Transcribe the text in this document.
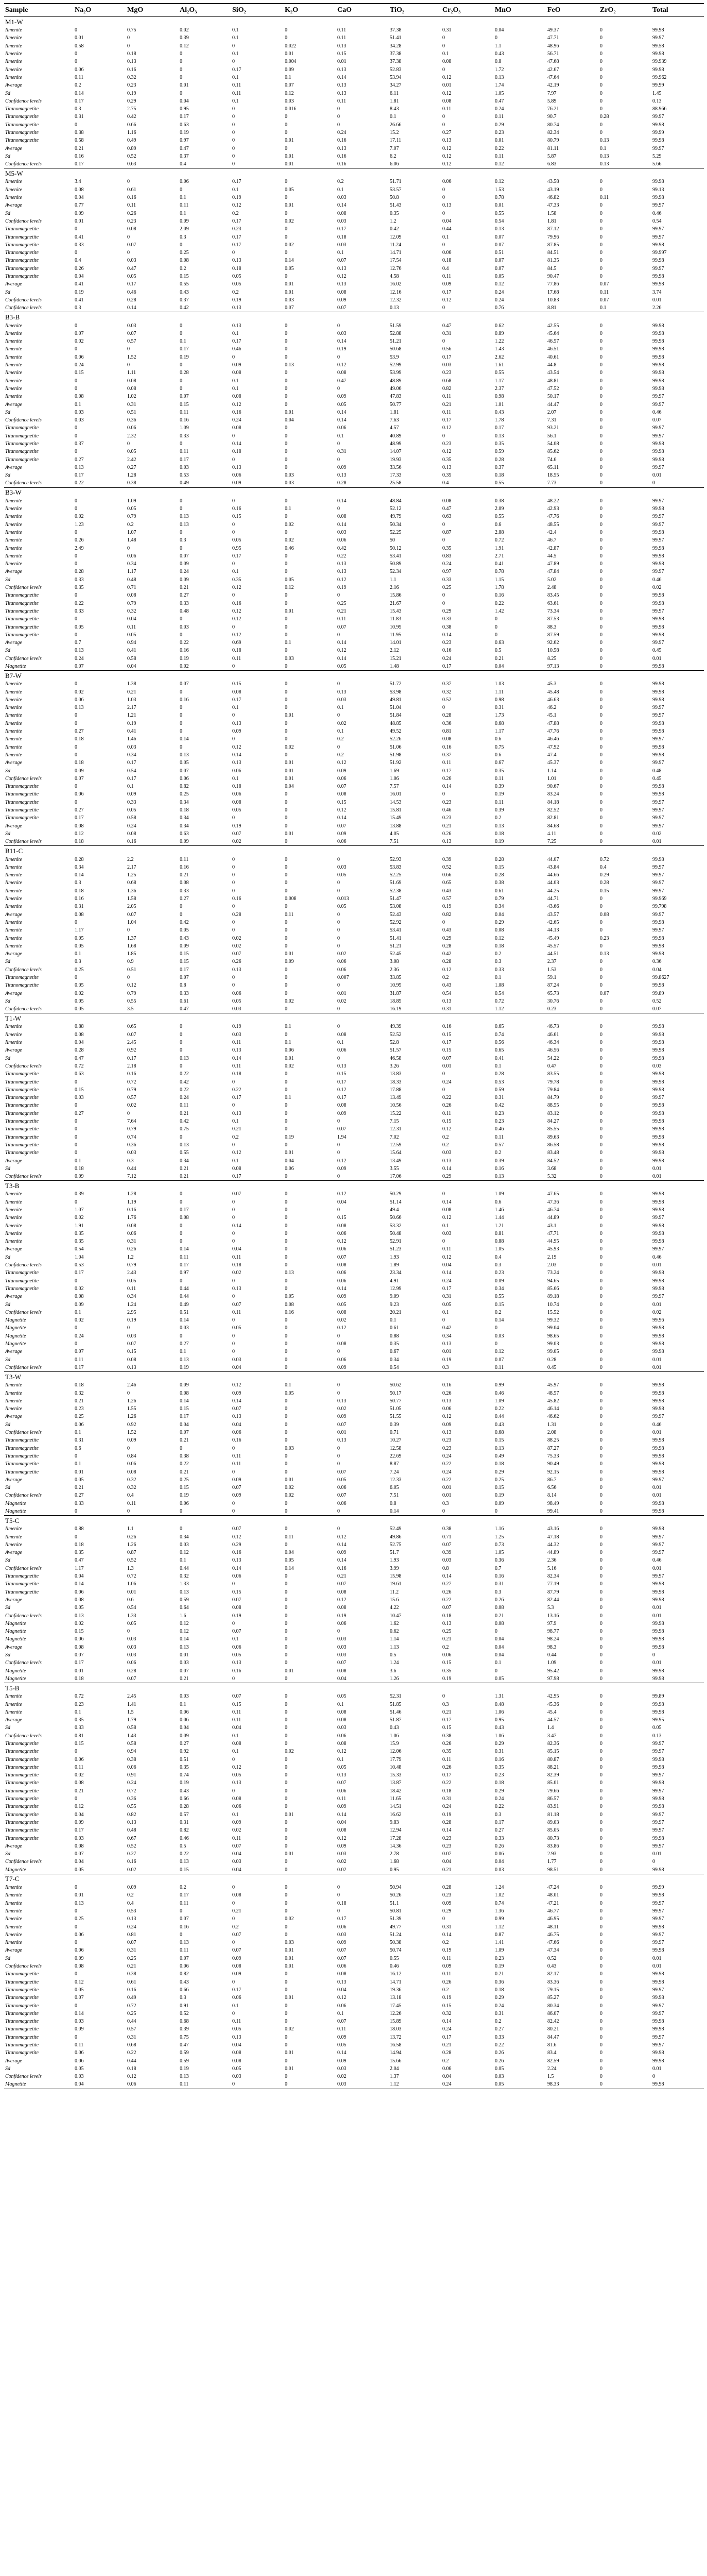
Sample	Na₂O	MgO	Al₂O₃	SiO₂	K₂O	CaO	TiO₂	Cr₂O₃	MnO	FeO	ZrO₂	Total
M1-W												
Ilmenite	0	0.75	0.02	0.1	0	0.11	37.38	0.31	0.04	49.37	0	99.98
Ilmenite	0.01	0	0.39	0.1	0	0.11	51.41	0	0	47.71	0	99.97
Ilmenite	0.58	0	0.12	0	0.022	0.13	34.28	0	1.1	48.96	0	99.58
Ilmenite	0	0.18	0	0.1	0.01	0.15	37.38	0.1	0.43	56.71	0	99.98
Ilmenite	0	0.13	0	0	0.004	0.01	37.38	0.08	0.8	47.68	0	99.939
Ilmenite	0.06	0.16	0	0.17	0.09	0.13	52.83	0	1.72	42.67	0	99.98
Ilmenite	0.11	0.32	0	0.1	0.1	0.14	53.94	0.12	0.13	47.64	0	99.962
Average	0.2	0.23	0.01	0.11	0.07	0.13	34.27	0.01	1.74	42.19	0	99.99
Sd	0.14	0.19	0	0.11	0.12	0.13	6.11	0.12	1.05	7.97	0	1.45
Confidence levels	0.17	0.29	0.04	0.1	0.03	0.11	1.81	0.08	0.47	5.89	0	0.13
Titanomagnetite	0.3	2.75	0.95	0	0.016	0	8.43	0.11	0.24	76.21	0	88.966
Titanomagnetite	0.31	0.42	0.17	0	0	0	0.1	0	0.11	90.7	0.28	99.97
Titanomagnetite	0	0.66	0.63	0	0	0	26.66	0	0.29	80.74	0	99.98
Titanomagnetite	0.38	1.16	0.19	0	0	0.24	15.2	0.27	0.23	82.34	0	99.99
Titanomagnetite	0.58	0.49	0.97	0	0.01	0.16	17.11	0.13	0.01	80.79	0.13	99.98
Average	0.21	0.89	0.47	0	0	0.13	7.07	0.12	0.22	81.11	0.1	99.97
Sd	0.16	0.52	0.37	0	0.01	0.16	6.2	0.12	0.11	5.87	0.13	5.29
Confidence levels	0.17	0.63	0.4	0	0.01	0.16	6.06	0.12	0.12	6.83	0.13	5.66
M5-W												
Ilmenite	3.4	0	0.06	0.17	0	0.2	51.71	0.06	0.12	43.58	0	99.98
Ilmenite	0.08	0.61	0	0.1	0.05	0.1	53.57	0	1.53	43.19	0	99.13
Ilmenite	0.04	0.16	0.1	0.19	0	0.03	50.8	0	0.78	46.82	0.11	99.98
Average	0.77	0.11	0.11	0.12	0.01	0.14	51.43	0.13	0.01	47.33	0	99.97
Sd	0.09	0.26	0.1	0.2	0	0.08	0.35	0	0.55	1.58	0	0.46
Confidence levels	0.01	0.23	0.09	0.17	0.02	0.03	1.2	0.04	0.54	1.81	0	0.54
Titanomagnetite	0	0.08	2.09	0.23	0	0.17	0.42	0.44	0.13	87.12	0	99.97
Titanomagnetite	0.41	0	0.3	0.17	0	0.18	12.09	0.1	0.07	79.96	0	99.97
Titanomagnetite	0.33	0.07	0	0.17	0.02	0.03	11.24	0	0.07	87.85	0	99.98
Titanomagnetite	0	0	0.25	0	0	0.1	14.71	0.06	0.51	84.51	0	99.997
Titanomagnetite	0.4	0.03	0.08	0.13	0.14	0.07	17.54	0.18	0.07	81.35	0	99.98
Titanomagnetite	0.26	0.47	0.2	0.18	0.05	0.13	12.76	0.4	0.07	84.5	0	99.97
Titanomagnetite	0.04	0.05	0.15	0.05	0	0.12	4.58	0.11	0.05	90.47	0	99.98
Average	0.41	0.17	0.55	0.05	0.01	0.13	16.02	0.09	0.12	77.86	0.07	99.98
Sd	0.19	0.46	0.43	0.2	0.01	0.08	12.16	0.17	0.24	17.68	0.11	3.74
Confidence levels	0.41	0.28	0.37	0.19	0.03	0.09	12.32	0.12	0.24	10.83	0.07	0.01
Confidence levels	0.3	0.14	0.42	0.13	0.07	0.07	0.13	0	0.76	8.81	0.1	2.26
B3-B												
Ilmenite	0	0.03	0	0.13	0	0	51.59	0.47	0.62	42.55	0	99.98
Ilmenite	0.07	0.07	0	0.1	0	0.03	52.88	0.31	0.89	45.64	0	99.98
Ilmenite	0.02	0.57	0.1	0.17	0	0.14	51.21	0	1.22	46.57	0	99.98
Ilmenite	0	0	0.17	0.46	0	0.19	50.68	0.56	1.43	46.51	0	99.98
Ilmenite	0.06	1.52	0.19	0	0	0	53.9	0.17	2.62	40.61	0	99.98
Ilmenite	0.24	0	0	0.09	0.13	0.12	52.99	0.03	1.61	44.8	0	99.98
Ilmenite	0.15	1.11	0.28	0.08	0	0.08	53.99	0.23	0.55	43.54	0	99.98
Ilmenite	0	0.08	0	0.1	0	0.47	48.89	0.68	1.17	48.81	0	99.98
Ilmenite	0	0.08	0	0.1	0	0	49.06	0.82	2.37	47.52	0	99.98
Ilmenite	0.08	1.02	0.07	0.08	0	0.09	47.83	0.11	0.98	50.17	0	99.97
Average	0.1	0.31	0.15	0.12	0	0.05	50.77	0.21	1.01	44.47	0	99.97
Sd	0.03	0.51	0.11	0.16	0.01	0.14	1.81	0.11	0.43	2.07	0	0.46
Confidence levels	0.03	0.36	0.16	0.24	0.04	0.14	7.63	0.17	1.78	7.31	0	0.07
Titanomagnetite	0	0.06	1.09	0.08	0	0.06	4.57	0.12	0.17	93.21	0	99.97
Titanomagnetite	0	2.32	0.33	0	0	0.1	40.89	0	0.13	56.1	0	99.97
Titanomagnetite	0.37	0	0	0.14	0	0	48.99	0.23	0.35	54.08	0	99.98
Titanomagnetite	0	0.05	0.11	0.18	0	0.31	14.07	0.12	0.59	85.62	0	99.98
Titanomagnetite	0.27	2.42	0.17	0	0	0	19.93	0.35	0.28	74.6	0	99.98
Average	0.13	0.27	0.03	0.13	0	0.09	33.56	0.13	0.37	65.11	0	99.97
Sd	0.17	1.28	0.53	0.06	0.03	0.13	17.33	0.35	0.18	18.55	0	0.01
Confidence levels	0.22	0.38	0.49	0.09	0.03	0.28	25.58	0.4	0.55	7.73	0	0
B3-W												
Ilmenite	0	1.09	0	0	0	0.14	48.84	0.08	0.38	48.22	0	99.97
Ilmenite	0	0.05	0	0.16	0.1	0	52.12	0.47	2.09	42.93	0	99.98
Ilmenite	0.02	0.79	0.13	0.15	0	0.08	49.79	0.63	0.55	47.76	0	99.97
Ilmenite	1.23	0.2	0.13	0	0.02	0.14	50.34	0	0.6	48.55	0	99.97
Ilmenite	0	1.07	0	0	0	0.03	52.25	0.87	2.88	42.4	0	99.98
Ilmenite	0.26	1.48	0.3	0.05	0.02	0.06	50	0	0.72	46.7	0	99.97
Ilmenite	2.49	0	0	0.95	0.46	0.42	50.12	0.35	1.91	42.87	0	99.98
Ilmenite	0	0.06	0.07	0.17	0	0.22	53.41	0.83	2.71	44.5	0	99.98
Ilmenite	0	0.34	0.09	0	0	0.13	50.89	0.24	0.41	47.89	0	99.98
Average	0.28	1.17	0.24	0.1	0	0.13	52.34	0.97	0.78	47.84	0	99.97
Sd	0.33	0.48	0.09	0.35	0.05	0.12	1.1	0.33	1.15	5.02	0	0.46
Confidence levels	0.35	0.71	0.21	0.12	0.12	0.19	2.16	0.25	1.78	2.48	0	0.02
Titanomagnetite	0	0.08	0.27	0	0	0	15.86	0	0.16	83.45	0	99.98
Titanomagnetite	0.22	0.79	0.33	0.16	0	0.25	21.67	0	0.22	63.61	0	99.98
Titanomagnetite	0.33	0.32	0.48	0.12	0.01	0.21	15.43	0.29	1.42	73.34	0	99.97
Titanomagnetite	0	0.04	0	0.12	0	0.11	11.83	0.33	0	87.53	0	99.98
Titanomagnetite	0.05	0.11	0.03	0	0	0.07	10.95	0.38	0	88.3	0	99.98
Titanomagnetite	0	0.05	0	0.12	0	0	11.95	0.14	0	87.59	0	99.98
Average	0.7	0.94	0.22	0.69	0.1	0.14	14.01	0.23	0.63	92.62	0	99.97
Sd	0.13	0.41	0.16	0.18	0	0.12	2.12	0.16	0.5	10.58	0	0.45
Confidence levels	0.24	0.58	0.19	0.11	0.03	0.14	15.21	0.24	0.21	8.25	0	0.01
Magnetite	0.07	0.04	0.02	0	0	0.05	1.48	0.17	0.04	97.13	0	99.98
B7-W												
Ilmenite	0	1.38	0.07	0.15	0	0	51.72	0.37	1.03	45.3	0	99.98
Ilmenite	0.02	0.21	0	0.08	0	0.13	53.98	0.32	1.11	45.48	0	99.98
Ilmenite	0.06	1.03	0.16	0.17	0	0.03	49.81	0.52	0.98	46.63	0	99.98
Ilmenite	0.13	2.17	0	0.1	0	0.1	51.04	0	0.31	46.2	0	99.97
Ilmenite	0	1.21	0	0	0.01	0	51.84	0.28	1.73	45.1	0	99.97
Ilmenite	0	0.19	0	0.13	0	0.02	48.85	0.36	0.68	47.88	0	99.98
Ilmenite	0.27	0.41	0	0.09	0	0.1	49.52	0.81	1.17	47.76	0	99.98
Ilmenite	0.18	1.46	0.14	0	0	0.2	52.26	0.08	0.6	46.46	0	99.97
Ilmenite	0	0.03	0	0.12	0.02	0	51.06	0.16	0.75	47.92	0	99.98
Ilmenite	0	0.34	0.13	0.14	0	0.2	51.98	0.37	0.6	47.4	0	99.98
Average	0.18	0.17	0.05	0.13	0.01	0.12	51.92	0.11	0.67	45.37	0	99.97
Sd	0.09	0.54	0.07	0.06	0.01	0.09	1.69	0.17	0.35	1.14	0	0.48
Confidence levels	0.07	0.17	0.06	0.1	0.01	0.06	1.06	0.26	0.11	1.01	0	0.45
Titanomagnetite	0	0.1	0.82	0.18	0.04	0.07	7.57	0.14	0.39	90.67	0	99.98
Titanomagnetite	0.06	0.09	0.25	0.06	0	0.08	16.01	0	0.19	83.24	0	99.98
Titanomagnetite	0	0.33	0.34	0.08	0	0.15	14.53	0.23	0.11	84.18	0	99.97
Titanomagnetite	0.27	0.05	0.18	0.05	0	0.12	15.81	0.46	0.39	82.52	0	99.97
Titanomagnetite	0.17	0.58	0.34	0	0	0.14	15.49	0.23	0.2	82.81	0	99.97
Average	0.08	0.24	0.34	0.19	0	0.07	13.88	0.21	0.13	84.68	0	99.97
Sd	0.12	0.08	0.63	0.07	0.01	0.09	4.05	0.26	0.18	4.11	0	0.02
Confidence levels	0.18	0.16	0.09	0.02	0	0.06	7.51	0.13	0.19	7.25	0	0.01
B11-C												
Ilmenite	0.28	2.2	0.11	0	0	0	52.93	0.39	0.28	44.07	0.72	99.98
Ilmenite	0.34	2.17	0.16	0	0	0.03	53.83	0.52	0.15	43.84	0.4	99.97
Ilmenite	0.14	1.25	0.21	0	0	0.05	52.25	0.66	0.28	44.66	0.29	99.97
Ilmenite	0.3	0.68	0.08	0	0	0	51.69	0.65	0.38	44.03	0.28	99.97
Ilmenite	0.18	1.36	0.33	0	0	0	52.38	0.43	0.61	44.25	0.15	99.97
Ilmenite	0.16	1.58	0.27	0.16	0.008	0.013	51.47	0.57	0.79	44.71	0	99.969
Ilmenite	0.31	2.05	0	0	0	0.05	53.08	0.19	0.34	43.66	0	99.798
Average	0.08	0.07	0	0.28	0.11	0	52.43	0.82	0.04	43.57	0.08	99.97
Ilmenite	0	1.04	0.42	0	0	0	52.92	0	0.29	42.65	0	99.98
Ilmenite	1.17	0	0.05	0	0	0	53.41	0.43	0.08	44.13	0	99.97
Ilmenite	0.05	1.37	0.43	0.02	0	0	51.41	0.29	0.12	45.49	0.23	99.98
Ilmenite	0.05	1.68	0.09	0.02	0	0	51.21	0.28	0.18	45.57	0	99.98
Average	0.1	1.85	0.15	0.07	0.01	0.02	52.45	0.42	0.2	44.51	0.13	99.98
Sd	0.3	0.9	0.15	0.26	0.09	0.06	3.08	0.28	0.3	2.37	0	0.36
Confidence levels	0.25	0.51	0.17	0.13	0	0.06	2.36	0.12	0.33	1.53	0	0.04
Titanomagnetite	0	0	0.07	0	0	0.007	33.85	0.2	0.1	59.1	0	99.8627
Titanomagnetite	0.05	0.12	0.8	0	0	0	10.95	0.43	1.08	87.24	0	99.98
Average	0.02	0.79	0.33	0.06	0	0.01	31.87	0.54	0.54	65.73	0.07	99.89
Sd	0.05	0.55	0.61	0.05	0.02	0.02	18.85	0.13	0.72	30.76	0	0.52
Confidence levels	0.05	3.5	0.47	0.03	0	0	16.19	0.31	1.12	0.23	0	0.07
T1-W												
Ilmenite	0.88	0.65	0	0.19	0.1	0	49.39	0.16	0.65	46.73	0	99.98
Ilmenite	0.08	0.07	0	0.03	0	0.08	52.52	0.15	0.74	46.61	0	99.98
Ilmenite	0.04	2.45	0	0.11	0.1	0.1	52.8	0.17	0.56	46.34	0	99.98
Average	0.28	0.92	0	0.13	0.06	0.06	51.57	0.15	0.65	46.56	0	99.98
Sd	0.47	0.17	0.13	0.14	0.01	0	46.58	0.07	0.41	54.22	0	99.98
Confidence levels	0.72	2.18	0	0.11	0.02	0.13	3.26	0.01	0.1	0.47	0	0.03
Titanomagnetite	0.63	0.16	0.22	0.18	0	0.15	13.83	0	0.28	83.55	0	99.98
Titanomagnetite	0	0.72	0.42	0	0	0.17	18.33	0.24	0.53	79.78	0	99.98
Titanomagnetite	0.15	0.79	0.22	0.22	0	0.12	17.88	0	0.59	79.84	0	99.98
Titanomagnetite	0.03	0.57	0.24	0.17	0.1	0.17	13.49	0.22	0.31	84.79	0	99.97
Titanomagnetite	0	0.02	0.11	0	0	0.08	10.56	0.26	0.42	88.55	0	99.98
Titanomagnetite	0.27	0	0.21	0.13	0	0.09	15.22	0.11	0.23	83.12	0	99.98
Titanomagnetite	0	7.64	0.42	0.1	0	0	7.15	0.15	0.23	84.27	0	99.98
Titanomagnetite	0	0.79	0.75	0.21	0	0.07	12.31	0.12	0.46	85.55	0	99.98
Titanomagnetite	0	0.74	0	0.2	0.19	1.94	7.02	0.2	0.11	89.63	0	99.98
Titanomagnetite	0	0.36	0.13	0	0	0	12.59	0.2	0.57	86.58	0	99.98
Titanomagnetite	0	0.03	0.55	0.12	0.01	0	15.64	0.03	0.2	83.48	0	99.98
Average	0.1	0.3	0.34	0.1	0.04	0.12	13.49	0.13	0.39	84.52	0	99.98
Sd	0.18	0.44	0.21	0.08	0.06	0.09	3.55	0.14	0.16	3.68	0	0.01
Confidence levels	0.09	7.12	0.21	0.17	0	0	17.06	0.29	0.13	5.32	0	0.01
T3-B												
Ilmenite	0.39	1.28	0	0.07	0	0.12	50.29	0	1.09	47.65	0	99.98
Ilmenite	0	1.19	0	0	0	0.04	51.14	0.14	0.6	47.36	0	99.98
Ilmenite	1.07	0.16	0.17	0	0	0	49.4	0.08	1.46	46.74	0	99.98
Ilmenite	0.02	1.76	0.08	0	0	0.15	50.66	0.12	1.44	44.89	0	99.97
Ilmenite	1.91	0.08	0	0.14	0	0.08	53.32	0.1	1.21	43.1	0	99.98
Ilmenite	0.35	0.06	0	0	0	0.06	50.48	0.03	0.81	47.71	0	99.98
Ilmenite	0.35	0.31	0	0	0	0.12	52.91	0	0.88	44.95	0	99.98
Average	0.54	0.26	0.14	0.04	0	0.06	51.23	0.11	1.05	45.93	0	99.97
Sd	1.04	1.2	0.11	0.11	0	0.07	1.93	0.12	0.4	2.19	0	0.46
Confidence levels	0.53	0.79	0.17	0.18	0	0.08	1.89	0.04	0.3	2.03	0	0.01
Titanomagnetite	0.17	2.43	0.97	0.02	0.13	0.06	23.34	0.14	0.23	73.24	0	99.98
Titanomagnetite	0	0.05	0	0	0	0.06	4.91	0.24	0.09	94.65	0	99.98
Titanomagnetite	0.02	0.11	0.44	0.13	0	0.14	12.99	0.17	0.34	85.66	0	99.98
Average	0.08	0.34	0.44	0	0.05	0.09	9.09	0.31	0.55	89.18	0	99.97
Sd	0.09	1.24	0.49	0.07	0.08	0.05	9.23	0.05	0.15	10.74	0	0.01
Confidence levels	0.1	2.95	0.51	0.11	0.16	0.08	20.21	0.1	0.2	15.52	0	0.02
Magnetite	0.02	0.19	0.14	0	0	0.02	0.1	0	0.14	99.32	0	99.96
Magnetite	0	0	0.03	0.05	0	0.12	0.61	0.42	0	99.04	0	99.98
Magnetite	0.24	0.03	0	0	0	0	0.88	0.34	0.03	98.65	0	99.98
Magnetite	0	0.07	0.27	0	0	0.08	0.35	0.13	0	99.03	0	99.98
Average	0.07	0.15	0.1	0	0	0	0.67	0.01	0.12	99.05	0	99.98
Sd	0.11	0.08	0.13	0.03	0	0.06	0.34	0.19	0.07	0.28	0	0.01
Confidence levels	0.17	0.13	0.19	0.04	0	0.09	0.54	0.3	0.11	0.45	0	0.01
T3-W												
Ilmenite	0.18	2.46	0.09	0.12	0.1	0	50.62	0.16	0.99	45.97	0	99.98
Ilmenite	0.32	0	0.08	0.09	0.05	0	50.17	0.26	0.46	48.57	0	99.98
Ilmenite	0.21	1.26	0.14	0.14	0	0.13	50.77	0.13	1.09	45.82	0	99.98
Ilmenite	0.23	1.55	0.15	0.07	0	0.02	51.05	0.06	0.22	46.14	0	99.98
Average	0.25	1.26	0.17	0.13	0	0.09	51.55	0.12	0.44	46.62	0	99.97
Sd	0.06	0.92	0.04	0.04	0	0.07	0.39	0.09	0.43	1.31	0	0.46
Confidence levels	0.1	1.52	0.07	0.06	0	0.01	0.71	0.13	0.68	2.08	0	0.01
Titanomagnetite	0.31	0.09	0.21	0.16	0	0.13	10.27	0.23	0.15	88.25	0	99.98
Titanomagnetite	0.6	0	0	0	0.03	0	12.58	0.23	0.13	87.27	0	99.98
Titanomagnetite	0	0.84	0.38	0.11	0	0	22.69	0.24	0.49	75.33	0	99.98
Titanomagnetite	0.1	0.06	0.22	0.11	0	0	8.87	0.22	0.18	90.49	0	99.98
Titanomagnetite	0.01	0.08	0.21	0	0	0.07	7.24	0.24	0.29	92.15	0	99.98
Average	0.05	0.32	0.25	0.09	0.01	0.05	12.33	0.22	0.25	86.7	0	99.97
Sd	0.21	0.32	0.15	0.07	0.02	0.06	6.05	0.01	0.15	6.56	0	0.01
Confidence levels	0.27	0.4	0.19	0.09	0.02	0.07	7.51	0.01	0.19	8.14	0	0.01
Magnetite	0.33	0.11	0.06	0	0	0.06	0.8	0.3	0.09	98.49	0	99.98
Magnetite	0	0	0	0	0	0	0.14	0	0	99.41	0	99.98
T5-C												
Ilmenite	0.88	1.1	0	0.07	0	0	52.49	0.38	1.16	43.16	0	99.98
Ilmenite	0	0.26	0.34	0.12	0.11	0.12	49.86	0.71	1.25	47.18	0	99.97
Ilmenite	0.18	1.26	0.03	0.29	0	0.14	52.75	0.07	0.73	44.32	0	99.97
Average	0.35	0.87	0.12	0.16	0.04	0.09	51.7	0.39	1.05	44.89	0	99.97
Sd	0.47	0.52	0.1	0.13	0.05	0.14	1.93	0.03	0.36	2.36	0	0.46
Confidence levels	1.17	1.3	0.44	0.14	0.14	0.16	3.99	0.8	0.7	5.16	0	0.01
Titanomagnetite	0.04	0.72	0.32	0.06	0	0.21	15.98	0.14	0.16	82.34	0	99.97
Titanomagnetite	0.14	1.06	1.33	0	0	0.07	19.61	0.27	0.31	77.19	0	99.98
Titanomagnetite	0.06	0.01	0.13	0.15	0	0.08	11.2	0.26	0.3	87.79	0	99.98
Average	0.08	0.6	0.59	0.07	0	0.12	15.6	0.22	0.26	82.44	0	99.98
Sd	0.05	0.54	0.64	0.08	0	0.08	4.22	0.07	0.08	5.3	0	0.01
Confidence levels	0.13	1.33	1.6	0.19	0	0.19	10.47	0.18	0.21	13.16	0	0.01
Magnetite	0.02	0.05	0.12	0	0	0.06	1.62	0.13	0.08	97.9	0	99.98
Magnetite	0.15	0	0.12	0.07	0	0	0.62	0.25	0	98.77	0	99.98
Magnetite	0.06	0.03	0.14	0.1	0	0.03	1.14	0.21	0.04	98.24	0	99.98
Average	0.08	0.03	0.13	0.06	0	0.03	1.13	0.2	0.04	98.3	0	99.98
Sd	0.07	0.03	0.01	0.05	0	0.03	0.5	0.06	0.04	0.44	0	0
Confidence levels	0.17	0.06	0.03	0.13	0	0.07	1.24	0.15	0.1	1.09	0	0.01
Magnetite	0.01	0.28	0.07	0.16	0.01	0.08	3.6	0.35	0	95.42	0	99.98
Magnetite	0.18	0.07	0.21	0	0	0.04	1.26	0.19	0.05	97.98	0	99.98
T5-B												
Ilmenite	0.72	2.45	0.03	0.07	0	0.05	52.31	0	1.31	42.95	0	99.89
Ilmenite	0.23	1.41	0.1	0.15	0	0.1	51.85	0.3	0.48	45.36	0	99.98
Ilmenite	0.1	1.5	0.06	0.11	0	0.08	51.46	0.21	1.06	45.4	0	99.98
Average	0.35	1.79	0.06	0.11	0	0.08	51.87	0.17	0.95	44.57	0	99.95
Sd	0.33	0.58	0.04	0.04	0	0.03	0.43	0.15	0.43	1.4	0	0.05
Confidence levels	0.81	1.43	0.09	0.1	0	0.06	1.06	0.38	1.06	3.47	0	0.13
Titanomagnetite	0.15	0.58	0.27	0.08	0	0.08	15.9	0.26	0.29	82.36	0	99.97
Titanomagnetite	0	0.94	0.92	0.1	0.02	0.12	12.06	0.35	0.31	85.15	0	99.97
Titanomagnetite	0.06	0.38	0.51	0	0	0.1	17.79	0.11	0.16	80.87	0	99.98
Titanomagnetite	0.11	0.06	0.35	0.12	0	0.05	10.48	0.26	0.35	88.21	0	99.98
Titanomagnetite	0.02	0.91	0.74	0.05	0	0.13	15.33	0.17	0.23	82.39	0	99.97
Titanomagnetite	0.08	0.24	0.19	0.13	0	0.07	13.87	0.22	0.18	85.01	0	99.98
Titanomagnetite	0.21	0.72	0.43	0	0	0.06	18.42	0.18	0.29	79.66	0	99.97
Titanomagnetite	0	0.36	0.66	0.08	0	0.11	11.65	0.31	0.24	86.57	0	99.98
Titanomagnetite	0.12	0.55	0.28	0.06	0	0.09	14.51	0.24	0.22	83.91	0	99.98
Titanomagnetite	0.04	0.82	0.57	0.1	0.01	0.14	16.62	0.19	0.3	81.18	0	99.97
Titanomagnetite	0.09	0.13	0.31	0.09	0	0.04	9.83	0.28	0.17	89.03	0	99.97
Titanomagnetite	0.17	0.48	0.82	0.02	0	0.08	12.94	0.14	0.27	85.05	0	99.97
Titanomagnetite	0.03	0.67	0.46	0.11	0	0.12	17.28	0.23	0.33	80.73	0	99.98
Average	0.08	0.52	0.5	0.07	0	0.09	14.36	0.23	0.26	83.86	0	99.97
Sd	0.07	0.27	0.22	0.04	0.01	0.03	2.78	0.07	0.06	2.93	0	0.01
Confidence levels	0.04	0.16	0.13	0.03	0	0.02	1.68	0.04	0.04	1.77	0	0
Magnetite	0.05	0.02	0.15	0.04	0	0.02	0.95	0.21	0.03	98.51	0	99.98
T7-C												
Ilmenite	0	0.09	0.2	0	0	0	50.94	0.28	1.24	47.24	0	99.99
Ilmenite	0.01	0.2	0.17	0.08	0	0	50.26	0.23	1.02	48.01	0	99.98
Ilmenite	0.13	0.4	0.11	0	0	0.18	51.1	0.09	0.74	47.21	0	99.97
Ilmenite	0	0.53	0	0.21	0	0	50.81	0.29	1.36	46.77	0	99.97
Ilmenite	0.25	0.13	0.07	0	0.02	0.17	51.39	0	0.99	46.95	0	99.97
Ilmenite	0	0.24	0.16	0.2	0	0.06	49.77	0.31	1.12	48.11	0	99.98
Ilmenite	0.06	0.81	0	0.07	0	0.03	51.24	0.14	0.87	46.75	0	99.97
Ilmenite	0	0.07	0.13	0	0.03	0.09	50.38	0.2	1.41	47.66	0	99.97
Average	0.06	0.31	0.11	0.07	0.01	0.07	50.74	0.19	1.09	47.34	0	99.98
Sd	0.09	0.25	0.07	0.09	0.01	0.07	0.55	0.11	0.23	0.52	0	0.01
Confidence levels	0.08	0.21	0.06	0.08	0.01	0.06	0.46	0.09	0.19	0.43	0	0.01
Titanomagnetite	0	0.38	0.82	0.09	0	0.08	16.12	0.11	0.21	82.17	0	99.98
Titanomagnetite	0.12	0.61	0.43	0	0	0.13	14.71	0.26	0.36	83.36	0	99.98
Titanomagnetite	0.05	0.16	0.66	0.17	0	0.04	19.36	0.2	0.18	79.15	0	99.97
Titanomagnetite	0.07	0.49	0.3	0.06	0.01	0.12	13.18	0.19	0.29	85.27	0	99.98
Titanomagnetite	0	0.72	0.91	0.1	0	0.06	17.45	0.15	0.24	80.34	0	99.97
Titanomagnetite	0.14	0.25	0.52	0	0	0.1	12.26	0.32	0.31	86.07	0	99.97
Titanomagnetite	0.03	0.44	0.68	0.11	0	0.07	15.89	0.14	0.2	82.42	0	99.98
Titanomagnetite	0.09	0.57	0.39	0.05	0.02	0.11	18.03	0.24	0.27	80.21	0	99.98
Titanomagnetite	0	0.31	0.75	0.13	0	0.09	13.72	0.17	0.33	84.47	0	99.97
Titanomagnetite	0.11	0.68	0.47	0.04	0	0.05	16.58	0.21	0.22	81.6	0	99.97
Titanomagnetite	0.06	0.22	0.59	0.08	0.01	0.14	14.94	0.28	0.26	83.4	0	99.98
Average	0.06	0.44	0.59	0.08	0	0.09	15.66	0.2	0.26	82.59	0	99.98
Sd	0.05	0.18	0.19	0.05	0.01	0.03	2.04	0.06	0.05	2.24	0	0.01
Confidence levels	0.03	0.12	0.13	0.03	0	0.02	1.37	0.04	0.03	1.5	0	0
Magnetite	0.04	0.06	0.11	0	0	0.03	1.12	0.24	0.05	98.33	0	99.98
